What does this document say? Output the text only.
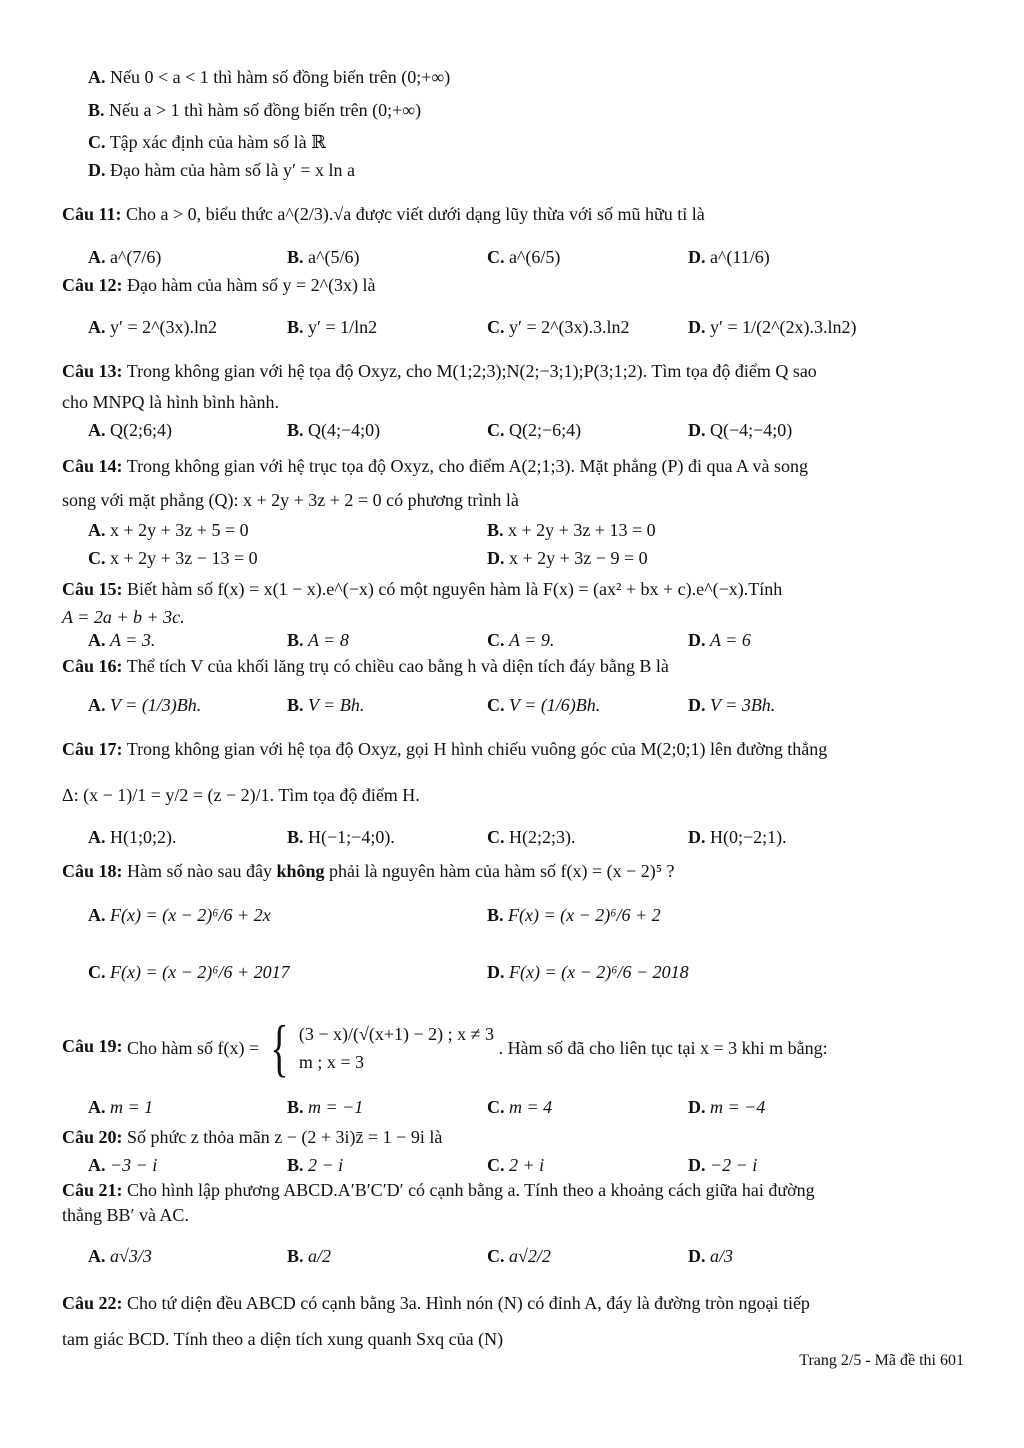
A. Nếu 0 < a < 1 thì hàm số đồng biến trên (0;+∞)
B. Nếu a > 1 thì hàm số đồng biến trên (0;+∞)
C. Tập xác định của hàm số là ℝ
D. Đạo hàm của hàm số là y′ = x ln a
Câu 11: Cho a > 0, biểu thức a^(2/3).√a được viết dưới dạng lũy thừa với số mũ hữu tỉ là
A. a^(7/6)	B. a^(5/6)	C. a^(6/5)	D. a^(11/6)
Câu 12: Đạo hàm của hàm số y = 2^(3x) là
A. y′ = 2^(3x).ln2	B. y′ = 1/ln2	C. y′ = 2^(3x).3.ln2	D. y′ = 1/(2^(2x).3.ln2)
Câu 13: Trong không gian với hệ tọa độ Oxyz, cho M(1;2;3);N(2;−3;1);P(3;1;2). Tìm tọa độ điểm Q sao
cho MNPQ là hình bình hành.
A. Q(2;6;4)	B. Q(4;−4;0)	C. Q(2;−6;4)	D. Q(−4;−4;0)
Câu 14: Trong không gian với hệ trục tọa độ Oxyz, cho điểm A(2;1;3). Mặt phẳng (P) đi qua A và song
song với mặt phẳng (Q): x + 2y + 3z + 2 = 0 có phương trình là
A. x + 2y + 3z + 5 = 0	B. x + 2y + 3z + 13 = 0
C. x + 2y + 3z − 13 = 0	D. x + 2y + 3z − 9 = 0
Câu 15: Biết hàm số f(x) = x(1 − x).e^(−x) có một nguyên hàm là F(x) = (ax² + bx + c).e^(−x).Tính
A = 2a + b + 3c.
A. A = 3.	B. A = 8	C. A = 9.	D. A = 6
Câu 16: Thể tích V của khối lăng trụ có chiều cao bằng h và diện tích đáy bằng B là
A. V = (1/3)Bh.	B. V = Bh.	C. V = (1/6)Bh.	D. V = 3Bh.
Câu 17: Trong không gian với hệ tọa độ Oxyz, gọi H hình chiếu vuông góc của M(2;0;1) lên đường thẳng
Δ: (x − 1)/1 = y/2 = (z − 2)/1. Tìm tọa độ điểm H.
A. H(1;0;2).	B. H(−1;−4;0).	C. H(2;2;3).	D. H(0;−2;1).
Câu 18: Hàm số nào sau đây không phải là nguyên hàm của hàm số f(x) = (x − 2)⁵ ?
A. F(x) = (x − 2)⁶/6 + 2x	B. F(x) = (x − 2)⁶/6 + 2
C. F(x) = (x − 2)⁶/6 + 2017	D. F(x) = (x − 2)⁶/6 − 2018
Câu 19: Cho hàm số f(x) = { (3 − x)/(√(x+1) − 2) ; x ≠ 3
m ; x = 3
. Hàm số đã cho liên tục tại x = 3 khi m bằng:
A. m = 1	B. m = −1	C. m = 4	D. m = −4
Câu 20: Số phức z thỏa mãn z − (2 + 3i)z̄ = 1 − 9i là
A. −3 − i	B. 2 − i	C. 2 + i	D. −2 − i
Câu 21: Cho hình lập phương ABCD.A′B′C′D′ có cạnh bằng a. Tính theo a khoảng cách giữa hai đường
thẳng BB′ và AC.
A. a√3/3	B. a/2	C. a√2/2	D. a/3
Câu 22: Cho tứ diện đều ABCD có cạnh bằng 3a. Hình nón (N) có đỉnh A, đáy là đường tròn ngoại tiếp
tam giác BCD. Tính theo a diện tích xung quanh Sxq của (N)
Trang 2/5 - Mã đề thi 601
